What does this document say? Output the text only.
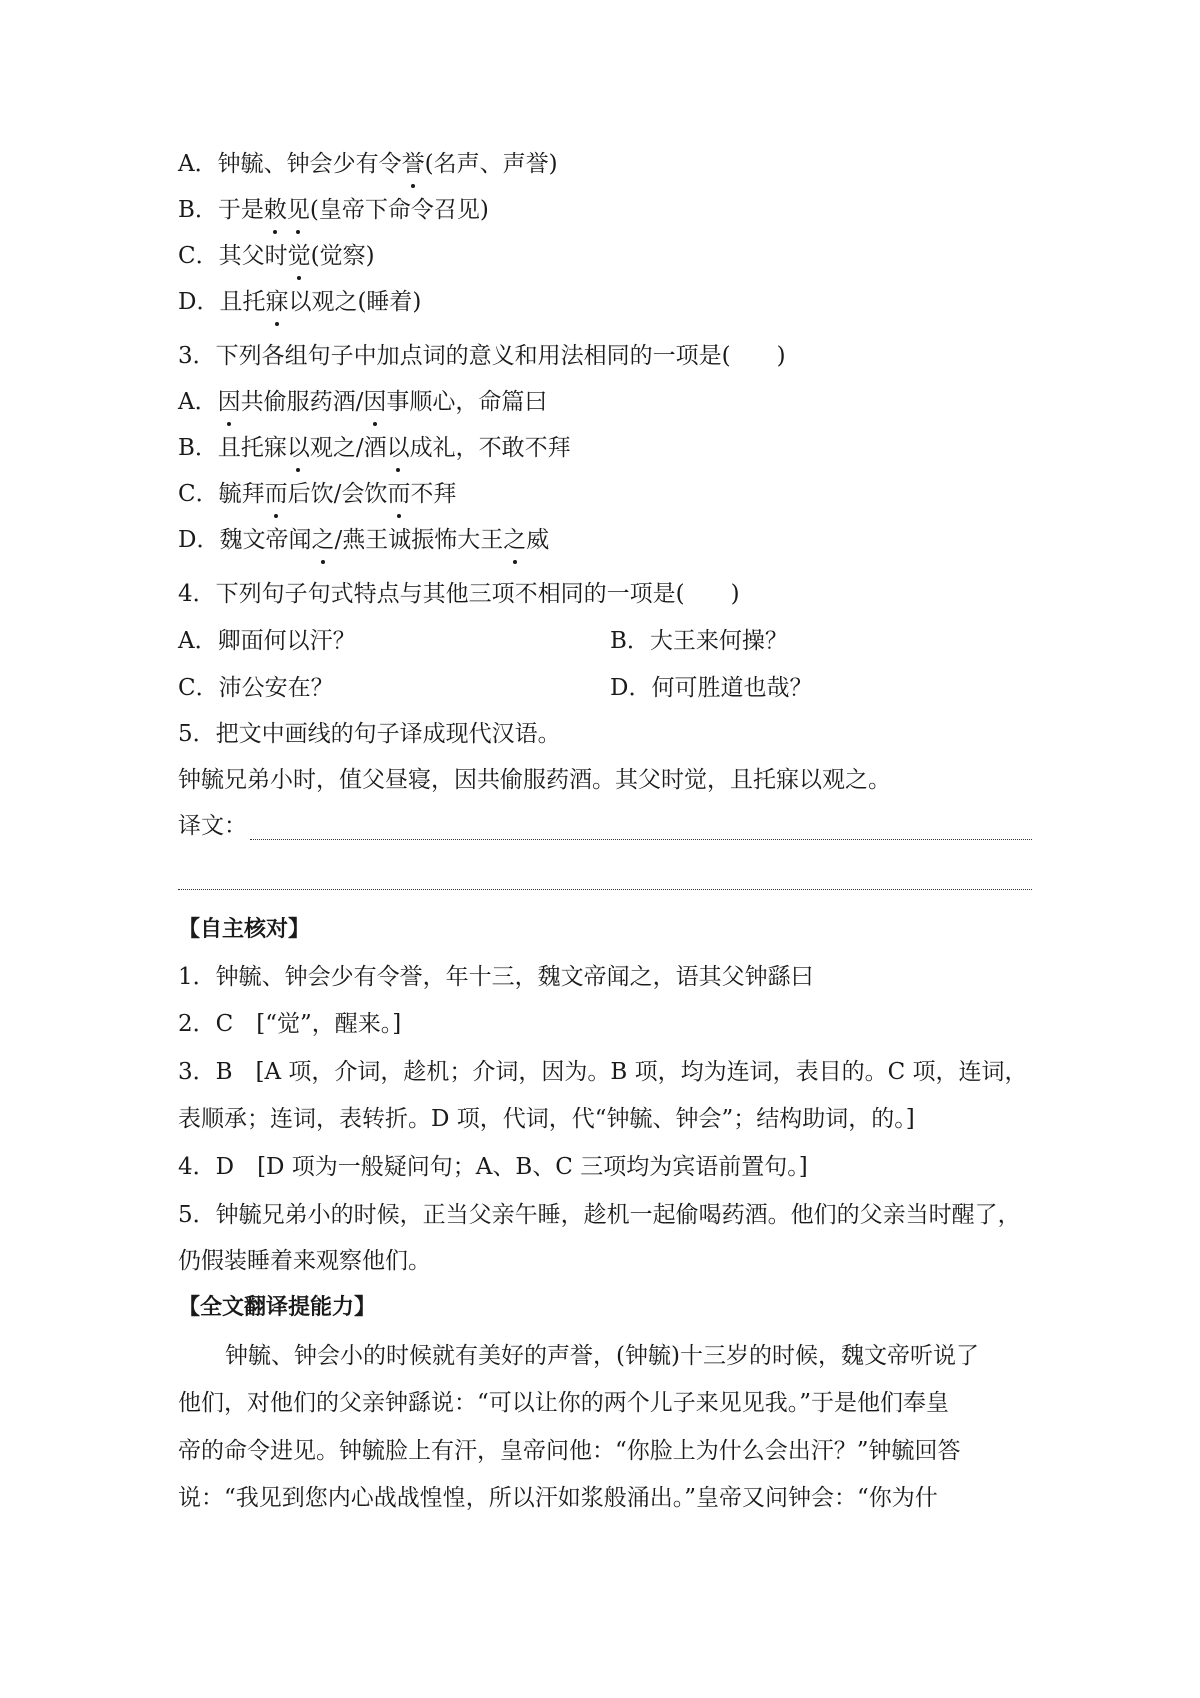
A．钟毓、钟会少有令誉(名声、声誉)
B．于是敕见(皇帝下命令召见)
C．其父时觉(觉察)
D．且托寐以观之(睡着)
3．下列各组句子中加点词的意义和用法相同的一项是(　　)
A．因共偷服药酒/因事顺心，命篇曰
B．且托寐以观之/酒以成礼，不敢不拜
C．毓拜而后饮/会饮而不拜
D．魏文帝闻之/燕王诚振怖大王之威
4．下列句子句式特点与其他三项不相同的一项是(　　)
A．卿面何以汗？	B．大王来何操？
C．沛公安在？	D．何可胜道也哉？
5．把文中画线的句子译成现代汉语。
钟毓兄弟小时，值父昼寝，因共偷服药酒。其父时觉，且托寐以观之。
译文：
【自主核对】
1．钟毓、钟会少有令誉，年十三，魏文帝闻之，语其父钟繇曰
2．C　[“觉”，醒来。]
3．B　[A 项，介词，趁机；介词，因为。B 项，均为连词，表目的。C 项，连词，
表顺承；连词，表转折。D 项，代词，代“钟毓、钟会”；结构助词，的。]
4．D　[D 项为一般疑问句；A、B、C 三项均为宾语前置句。]
5．钟毓兄弟小的时候，正当父亲午睡，趁机一起偷喝药酒。他们的父亲当时醒了，
仍假装睡着来观察他们。
【全文翻译提能力】
钟毓、钟会小的时候就有美好的声誉，(钟毓)十三岁的时候，魏文帝听说了
他们，对他们的父亲钟繇说：“可以让你的两个儿子来见见我。”于是他们奉皇
帝的命令进见。钟毓脸上有汗，皇帝问他：“你脸上为什么会出汗？”钟毓回答
说：“我见到您内心战战惶惶，所以汗如浆般涌出。”皇帝又问钟会：“你为什
